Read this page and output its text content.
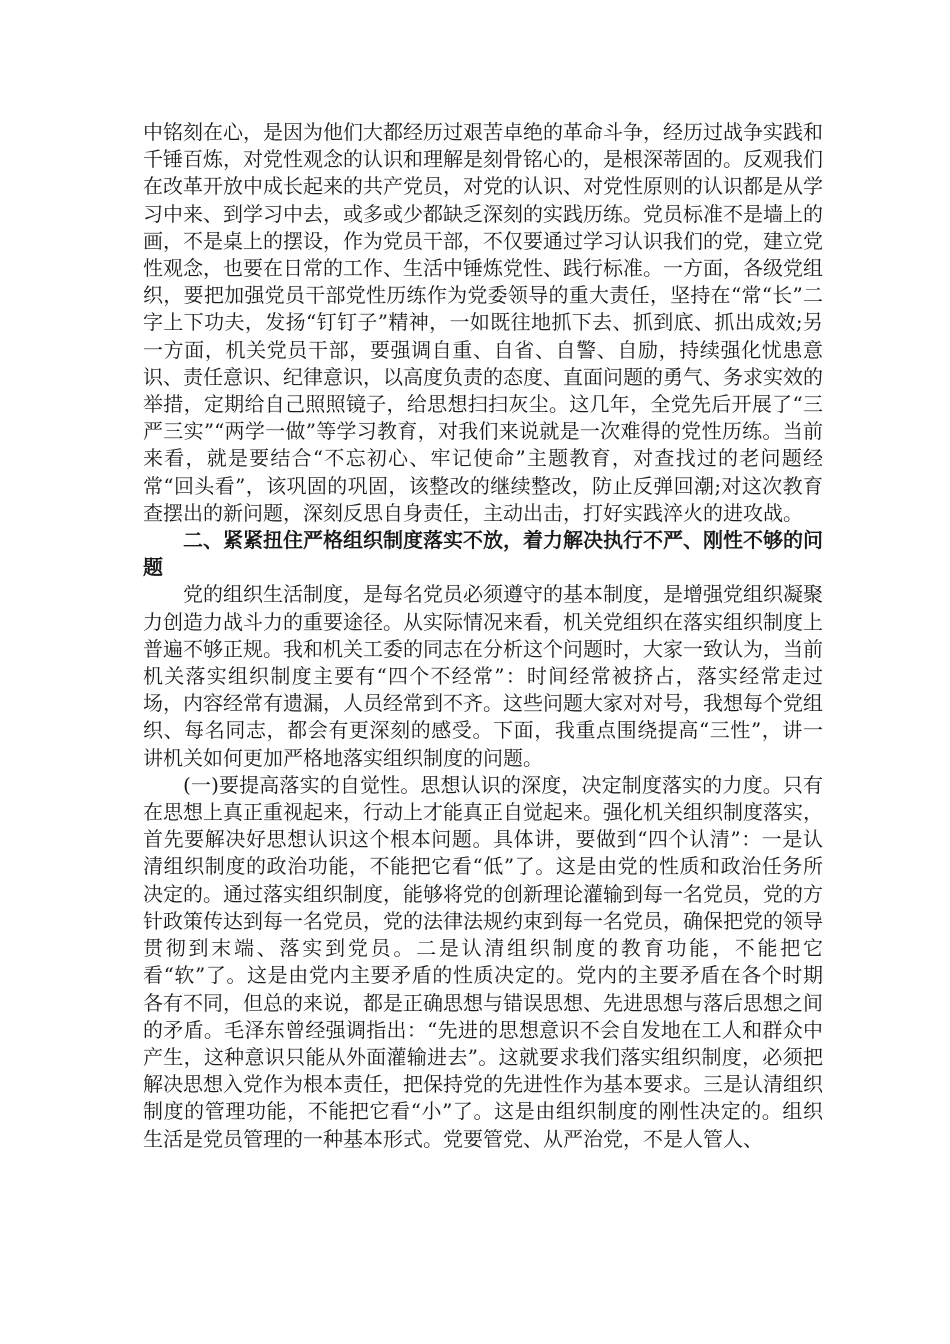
中铭刻在心，是因为他们大都经历过艰苦卓绝的革命斗争，经历过战争实践和千锤百炼，对党性观念的认识和理解是刻骨铭心的，是根深蒂固的。反观我们在改革开放中成长起来的共产党员，对党的认识、对党性原则的认识都是从学习中来、到学习中去，或多或少都缺乏深刻的实践历练。党员标准不是墙上的画，不是桌上的摆设，作为党员干部，不仅要通过学习认识我们的党，建立党性观念，也要在日常的工作、生活中锤炼党性、践行标准。一方面，各级党组织，要把加强党员干部党性历练作为党委领导的重大责任，坚持在“常“长”二字上下功夫，发扬“钉钉子”精神，一如既往地抓下去、抓到底、抓出成效;另一方面，机关党员干部，要强调自重、自省、自警、自励，持续强化忧患意识、责任意识、纪律意识，以高度负责的态度、直面问题的勇气、务求实效的举措，定期给自己照照镜子，给思想扫扫灰尘。这几年，全党先后开展了“三严三实”“两学一做”等学习教育，对我们来说就是一次难得的党性历练。当前来看，就是要结合“不忘初心、牢记使命”主题教育，对查找过的老问题经常“回头看”，该巩固的巩固，该整改的继续整改，防止反弹回潮;对这次教育查摆出的新问题，深刻反思自身责任，主动出击，打好实践淬火的进攻战。

二、紧紧扭住严格组织制度落实不放，着力解决执行不严、刚性不够的问题

党的组织生活制度，是每名党员必须遵守的基本制度，是增强党组织凝聚力创造力战斗力的重要途径。从实际情况来看，机关党组织在落实组织制度上普遍不够正规。我和机关工委的同志在分析这个问题时，大家一致认为，当前机关落实组织制度主要有“四个不经常”：时间经常被挤占，落实经常走过场，内容经常有遗漏，人员经常到不齐。这些问题大家对对号，我想每个党组织、每名同志，都会有更深刻的感受。下面，我重点围绕提高“三性”，讲一讲机关如何更加严格地落实组织制度的问题。

(一)要提高落实的自觉性。思想认识的深度，决定制度落实的力度。只有在思想上真正重视起来，行动上才能真正自觉起来。强化机关组织制度落实，首先要解决好思想认识这个根本问题。具体讲，要做到“四个认清”：一是认清组织制度的政治功能，不能把它看“低”了。这是由党的性质和政治任务所决定的。通过落实组织制度，能够将党的创新理论灌输到每一名党员，党的方针政策传达到每一名党员，党的法律法规约束到每一名党员，确保把党的领导贯彻到末端、落实到党员。二是认清组织制度的教育功能，不能把它看“软”了。这是由党内主要矛盾的性质决定的。党内的主要矛盾在各个时期各有不同，但总的来说，都是正确思想与错误思想、先进思想与落后思想之间的矛盾。毛泽东曾经强调指出：“先进的思想意识不会自发地在工人和群众中产生，这种意识只能从外面灌输进去”。这就要求我们落实组织制度，必须把解决思想入党作为根本责任，把保持党的先进性作为基本要求。三是认清组织制度的管理功能，不能把它看“小”了。这是由组织制度的刚性决定的。组织生活是党员管理的一种基本形式。党要管党、从严治党，不是人管人、
